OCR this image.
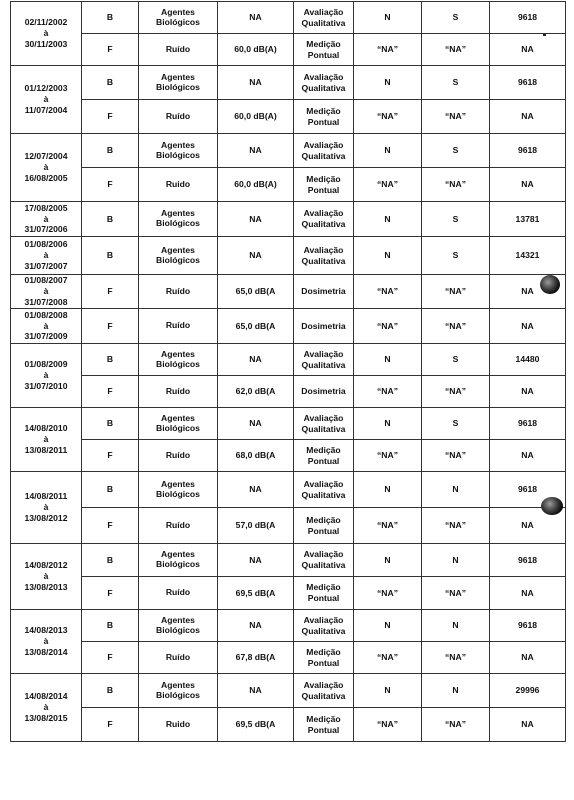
02/11/2002
à
30/11/2003	B	Agentes Biológicos	NA	Avaliação Qualitativa	N	S	9618
	F	Ruído	60,0 dB(A)	Medição Pontual	“NA”	“NA”	NA

01/12/2003
à
11/07/2004	B	Agentes Biológicos	NA	Avaliação Qualitativa	N	S	9618
	F	Ruído	60,0 dB(A)	Medição Pontual	“NA”	“NA”	NA

12/07/2004
à
16/08/2005	B	Agentes Biológicos	NA	Avaliação Qualitativa	N	S	9618
	F	Ruido	60,0 dB(A)	Medição Pontual	“NA”	“NA”	NA

17/08/2005
à
31/07/2006	B	Agentes Biológicos	NA	Avaliação Qualitativa	N	S	13781

01/08/2006
à
31/07/2007	B	Agentes Biológicos	NA	Avaliação Qualitativa	N	S	14321

01/08/2007
à
31/07/2008	F	Ruído	65,0 dB(A	Dosimetria	“NA”	“NA”	NA

01/08/2008
à
31/07/2009	F	Ruído	65,0 dB(A	Dosimetria	“NA”	“NA”	NA

01/08/2009
à
31/07/2010	B	Agentes Biológicos	NA	Avaliação Qualitativa	N	S	14480
	F	Ruído	62,0 dB(A	Dosimetria	“NA”	“NA”	NA

14/08/2010
à
13/08/2011	B	Agentes Biológicos	NA	Avaliação Qualitativa	N	S	9618
	F	Ruído	68,0 dB(A	Medição Pontual	“NA”	“NA”	NA

14/08/2011
à
13/08/2012	B	Agentes Biológicos	NA	Avaliação Qualitativa	N	N	9618
	F	Ruído	57,0 dB(A	Medição Pontual	“NA”	“NA”	NA

14/08/2012
à
13/08/2013	B	Agentes Biológicos	NA	Avaliação Qualitativa	N	N	9618
	F	Ruído	69,5 dB(A	Medição Pontual	“NA”	“NA”	NA

14/08/2013
à
13/08/2014	B	Agentes Biológicos	NA	Avaliação Qualitativa	N	N	9618
	F	Ruído	67,8 dB(A	Medição Pontual	“NA”	“NA”	NA

14/08/2014
à
13/08/2015	B	Agentes Biológicos	NA	Avaliação Qualitativa	N	N	29996
	F	Ruido	69,5 dB(A	Medição Pontual	“NA”	“NA”	NA
